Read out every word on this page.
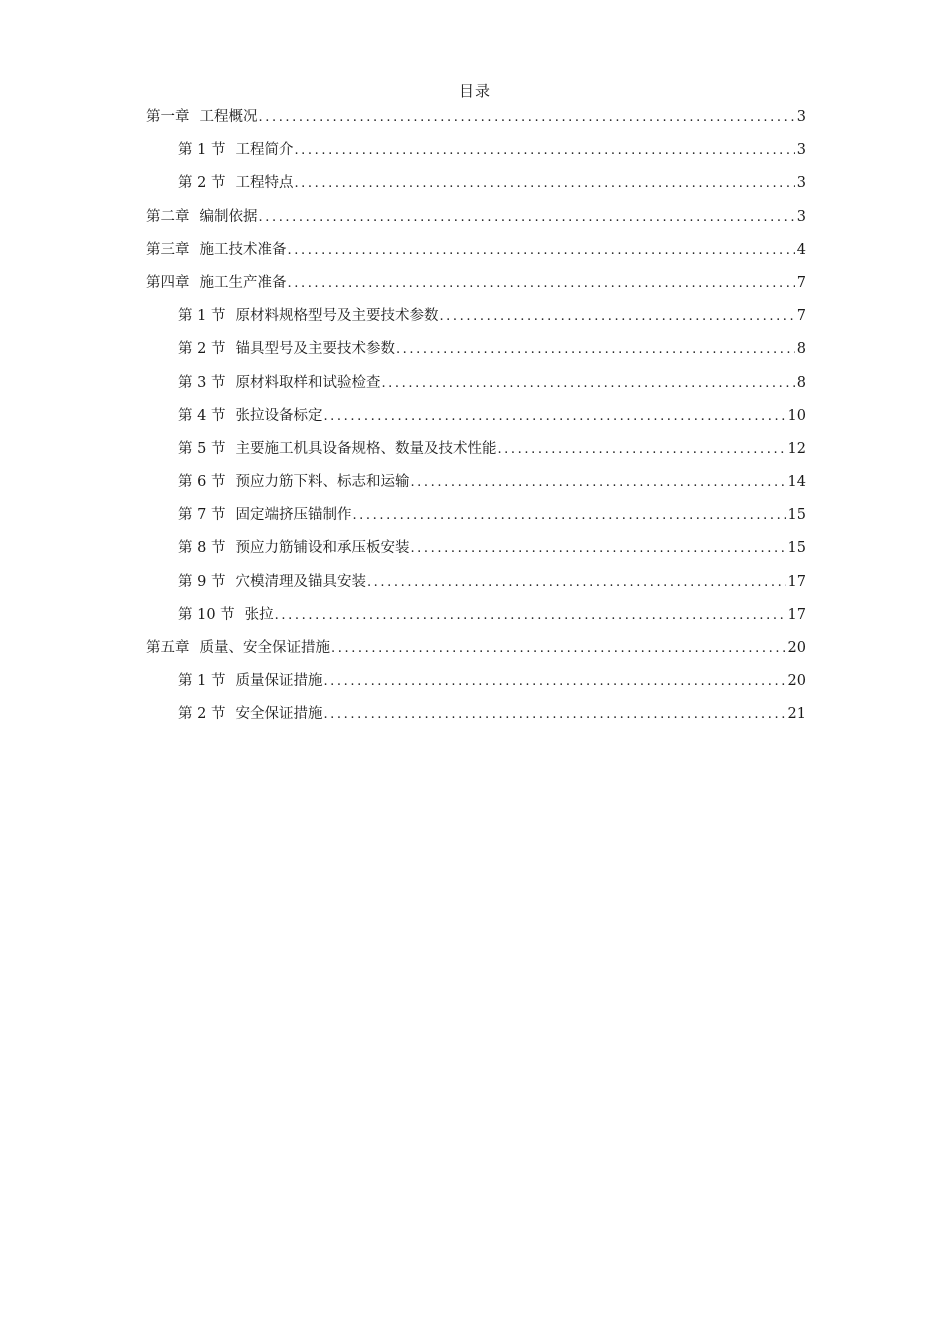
目录
第一章 工程概况 .....	3
第 1 节 工程简介 .....	3
第 2 节 工程特点 .....	3
第二章 编制依据 .....	3
第三章 施工技术准备 .....	4
第四章 施工生产准备 .....	7
第 1 节 原材料规格型号及主要技术参数 .....	7
第 2 节 锚具型号及主要技术参数 .....	8
第 3 节 原材料取样和试验检查 .....	8
第 4 节 张拉设备标定 .....	10
第 5 节 主要施工机具设备规格、数量及技术性能 .....	12
第 6 节 预应力筋下料、标志和运输 .....	14
第 7 节 固定端挤压锚制作 .....	15
第 8 节 预应力筋铺设和承压板安装 .....	15
第 9 节 穴模清理及锚具安装 .....	17
第 10 节 张拉 .....	17
第五章 质量、安全保证措施 .....	20
第 1 节 质量保证措施 .....	20
第 2 节 安全保证措施 .....	21
